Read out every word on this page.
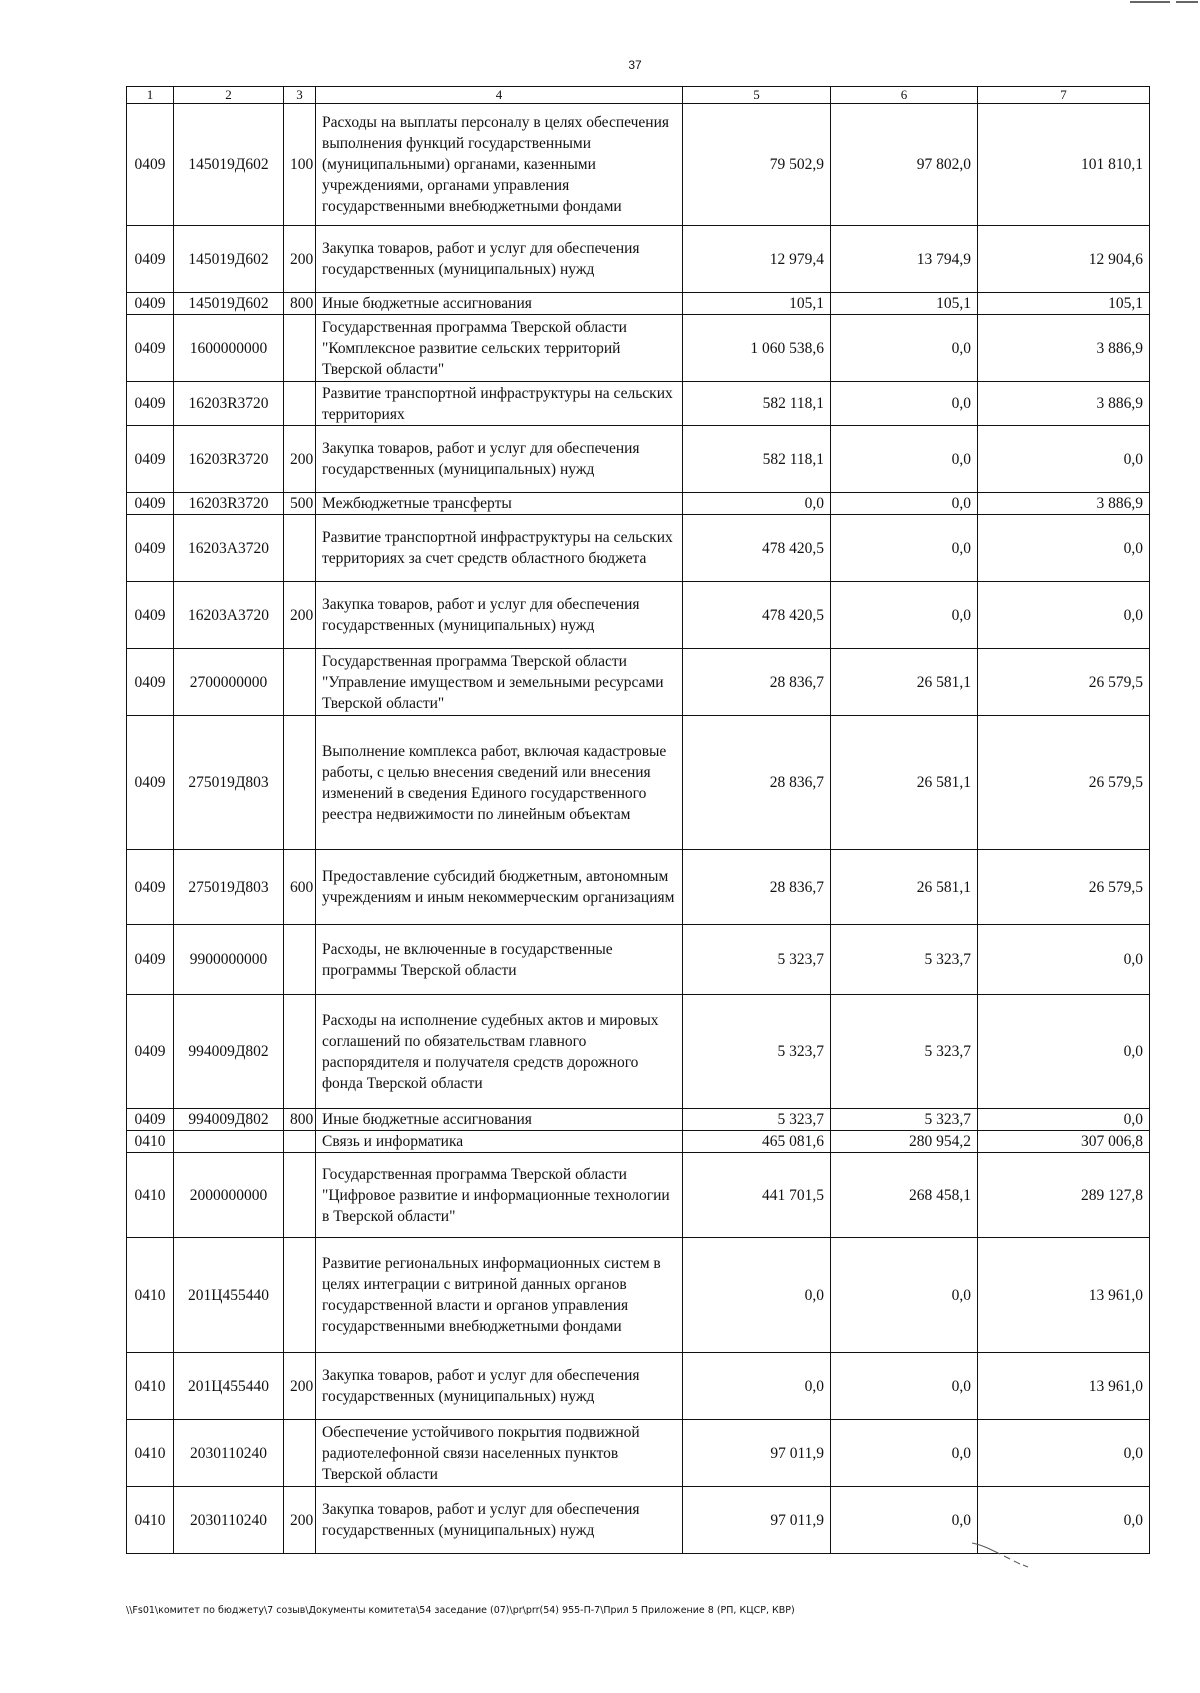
37
1	2	3	4	5	6	7
0409	145019Д602	100	Расходы на выплаты персоналу в целях обеспечения выполнения функций государственными (муниципальными) органами, казенными учреждениями, органами управления государственными внебюджетными фондами	79 502,9	97 802,0	101 810,1
0409	145019Д602	200	Закупка товаров, работ и услуг для обеспечения государственных (муниципальных) нужд	12 979,4	13 794,9	12 904,6
0409	145019Д602	800	Иные бюджетные ассигнования	105,1	105,1	105,1
0409	1600000000		Государственная программа Тверской области "Комплексное развитие сельских территорий Тверской области"	1 060 538,6	0,0	3 886,9
0409	16203R3720		Развитие транспортной инфраструктуры на сельских территориях	582 118,1	0,0	3 886,9
0409	16203R3720	200	Закупка товаров, работ и услуг для обеспечения государственных (муниципальных) нужд	582 118,1	0,0	0,0
0409	16203R3720	500	Межбюджетные трансферты	0,0	0,0	3 886,9
0409	16203А3720		Развитие транспортной инфраструктуры на сельских территориях за счет средств областного бюджета	478 420,5	0,0	0,0
0409	16203А3720	200	Закупка товаров, работ и услуг для обеспечения государственных (муниципальных) нужд	478 420,5	0,0	0,0
0409	2700000000		Государственная программа Тверской области "Управление имуществом и земельными ресурсами Тверской области"	28 836,7	26 581,1	26 579,5
0409	275019Д803		Выполнение комплекса работ, включая кадастровые работы, с целью внесения сведений или внесения изменений в сведения Единого государственного реестра недвижимости по линейным объектам	28 836,7	26 581,1	26 579,5
0409	275019Д803	600	Предоставление субсидий бюджетным, автономным учреждениям и иным некоммерческим организациям	28 836,7	26 581,1	26 579,5
0409	9900000000		Расходы, не включенные в государственные программы Тверской области	5 323,7	5 323,7	0,0
0409	994009Д802		Расходы на исполнение судебных актов и мировых соглашений по обязательствам главного распорядителя и получателя средств дорожного фонда Тверской области	5 323,7	5 323,7	0,0
0409	994009Д802	800	Иные бюджетные ассигнования	5 323,7	5 323,7	0,0
0410			Связь и информатика	465 081,6	280 954,2	307 006,8
0410	2000000000		Государственная программа Тверской области "Цифровое развитие и информационные технологии в Тверской области"	441 701,5	268 458,1	289 127,8
0410	201Ц455440		Развитие региональных информационных систем в целях интеграции с витриной данных органов государственной власти и органов управления государственными внебюджетными фондами	0,0	0,0	13 961,0
0410	201Ц455440	200	Закупка товаров, работ и услуг для обеспечения государственных (муниципальных) нужд	0,0	0,0	13 961,0
0410	2030110240		Обеспечение устойчивого покрытия подвижной радиотелефонной связи населенных пунктов Тверской области	97 011,9	0,0	0,0
0410	2030110240	200	Закупка товаров, работ и услуг для обеспечения государственных (муниципальных) нужд	97 011,9	0,0	0,0
\\Fs01\комитет по бюджету\7 созыв\Документы комитета\54 заседание (07)\pr\prr(54) 955-П-7\Прил 5 Приложение 8 (РП, КЦСР, КВР)
